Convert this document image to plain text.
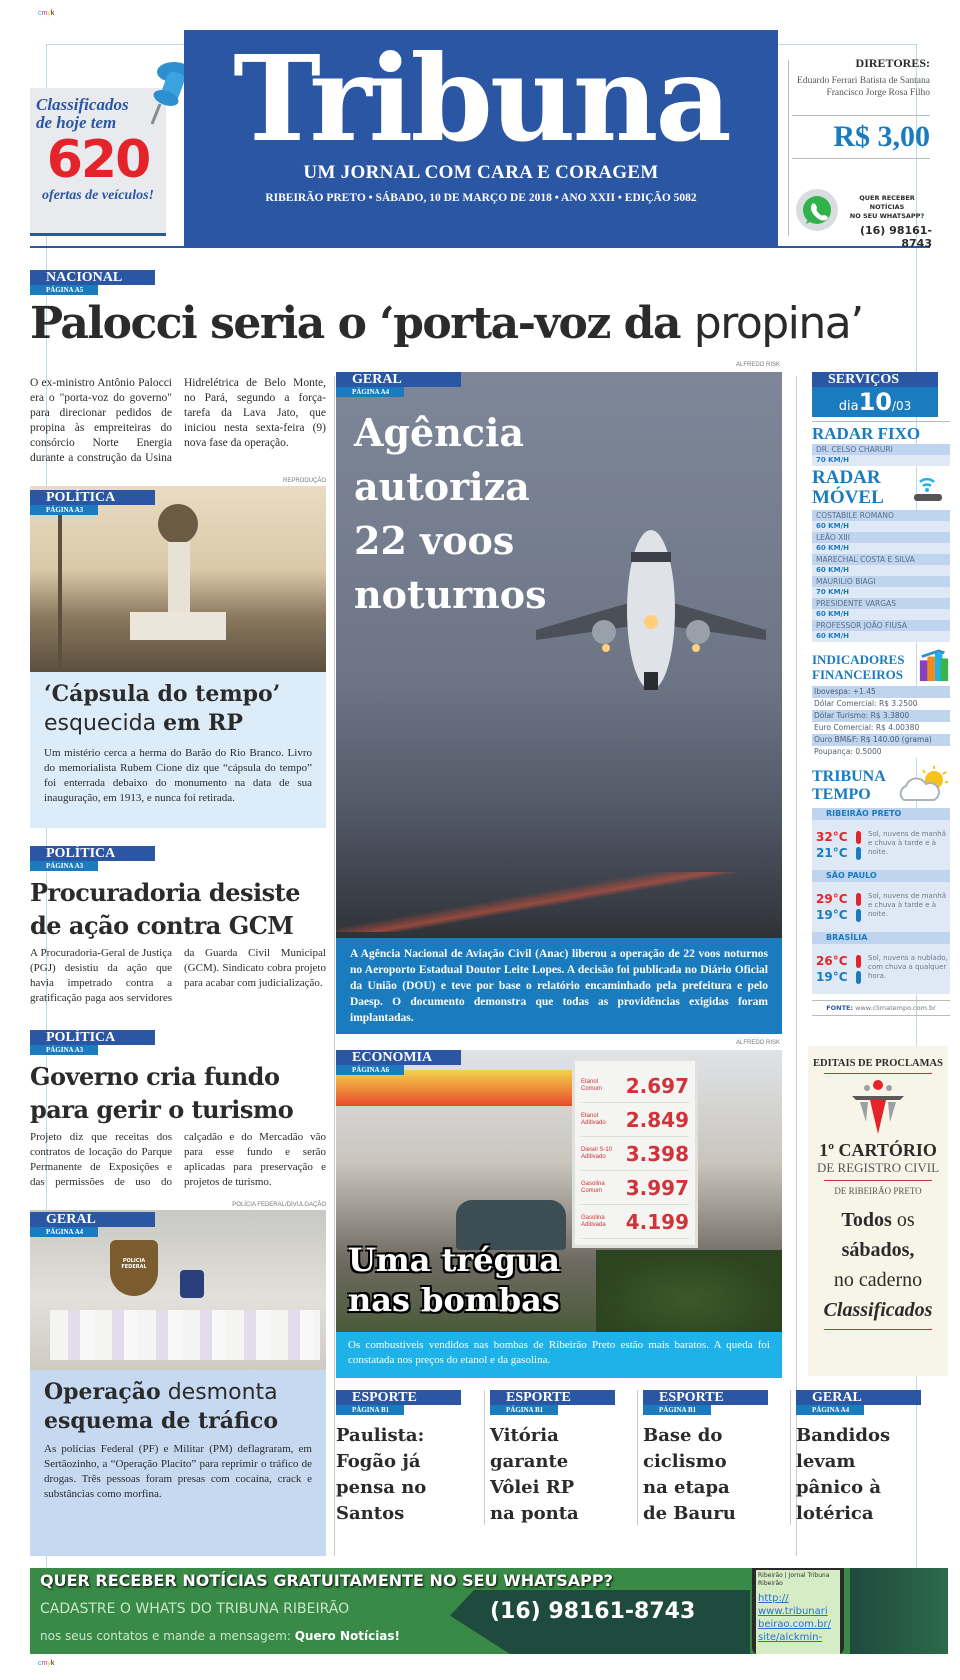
cmyk
cmyk
Classificados
de hoje tem
620
ofertas de veículos!
Tribuna
UM JORNAL COM CARA E CORAGEM
RIBEIRÃO PRETO • SÁBADO, 10 DE MARÇO DE 2018 • ANO XXII • EDIÇÃO 5082
DIRETORES:
Eduardo Ferrari Batista de Santana
Francisco Jorge Rosa Filho
R$ 3,00
QUER RECEBER NOTÍCIAS
NO SEU WHATSAPP?
(16) 98161-8743
NACIONAL
PÁGINA A5
Palocci seria o ‘porta-voz da propina’
O ex-ministro Antônio Palocci era o "porta-voz do governo" para direcionar pedidos de propina às empreiteiras do consórcio Norte Energia durante a construção da Usina Hidrelétrica de Belo Monte, no Pará, segundo a força-tarefa da Lava Jato, que iniciou nesta sexta-feira (9) nova fase da operação.
REPRODUÇÃO
POLÍTICA
PÁGINA A3
‘Cápsula do tempo’
esquecida em RP
Um mistério cerca a herma do Barão do Rio Branco. Livro do memorialista Rubem Cione diz que “cápsula do tempo” foi enterrada debaixo do monumento na data de sua inauguração, em 1913, e nunca foi retirada.
POLÍTICA
PÁGINA A3
Procuradoria desiste
de ação contra GCM
A Procuradoria-Geral de Justiça (PGJ) desistiu da ação que havia impetrado contra a gratificação paga aos servidores da Guarda Civil Municipal (GCM). Sindicato cobra projeto para acabar com judicialização.
POLÍTICA
PÁGINA A3
Governo cria fundo
para gerir o turismo
Projeto diz que receitas dos contratos de locação do Parque Permanente de Exposições e das permissões de uso do calçadão e do Mercadão vão para esse fundo e serão aplicadas para preservação e projetos de turismo.
POLÍCIA FEDERAL/DIVULGAÇÃO
POLICIA FEDERAL
GERAL
PÁGINA A4
Operação desmonta
esquema de tráfico
As polícias Federal (PF) e Militar (PM) deflagraram, em Sertãozinho, a “Operação Placito” para reprimir o tráfico de drogas. Três pessoas foram presas com cocaína, crack e substâncias como morfina.
ALFREDO RISK
GERAL
PÁGINA A4
Agência
autoriza
22 voos
noturnos
A Agência Nacional de Aviação Civil (Anac) liberou a operação de 22 voos noturnos no Aeroporto Estadual Doutor Leite Lopes. A decisão foi publicada no Diário Oficial da União (DOU) e teve por base o relatório encaminhado pela prefeitura e pelo Daesp. O documento demonstra que todas as providências exigidas foram implantadas.
ALFREDO RISK
Etanol Comum	2.697
Etanol Aditivado	2.849
Diesel S-10 Aditivado	3.398
Gasolina Comum	3.997
Gasolina Aditivada	4.199
ECONOMIA
PÁGINA A6
Uma trégua
nas bombas
Os combustíveis vendidos nas bombas de Ribeirão Preto estão mais baratos. A queda foi constatada nos preços do etanol e da gasolina.
ESPORTE
PÁGINA B1
Paulista:
Fogão já
pensa no
Santos
ESPORTE
PÁGINA B1
Vitória
garante
Vôlei RP
na ponta
ESPORTE
PÁGINA B1
Base do
ciclismo
na etapa
de Bauru
GERAL
PÁGINA A4
Bandidos
levam
pânico à
lotérica
SERVIÇOS
dia10/03
RADAR FIXO
DR. CELSO CHARURI
70 KM/H
RADAR
MÓVEL
COSTABILE ROMANO
60 KM/H
LEÃO XIII
60 KM/H
MARECHAL COSTA E SILVA
60 KM/H
MAURILIO BIAGI
70 KM/H
PRESIDENTE VARGAS
60 KM/H
PROFESSOR JOÃO FIUSA
60 KM/H
INDICADORES
FINANCEIROS
Ibovespa: +1.45
Dólar Comercial: R$ 3.2500
Dólar Turismo: R$ 3.3800
Euro Comercial: R$ 4.00380
Ouro BM&F: R$ 140.00 (grama)
Poupança: 0.5000
TRIBUNA
TEMPO
RIBEIRÃO PRETO
32°C
21°C
Sol, nuvens de manhã e chuva à tarde e à noite.
SÃO PAULO
29°C
19°C
Sol, nuvens de manhã e chuva à tarde e à noite.
BRASÍLIA
26°C
19°C
Sol, nuvens a nublado, com chuva a qualquer hora.
FONTE: www.climatempo.com.br
EDITAIS DE PROCLAMAS
1º CARTÓRIO
DE REGISTRO CIVIL
DE RIBEIRÃO PRETO
Todos os
sábados,
no caderno
Classificados
QUER RECEBER NOTÍCIAS GRATUITAMENTE NO SEU WHATSAPP?
CADASTRE O WHATS DO TRIBUNA RIBEIRÃO
nos seus contatos e mande a mensagem: Quero Notícias!
(16) 98161-8743
Ribeirão | Jornal Tribuna Ribeirão
http://
www.tribunari
beirao.com.br/
site/alckmin-
